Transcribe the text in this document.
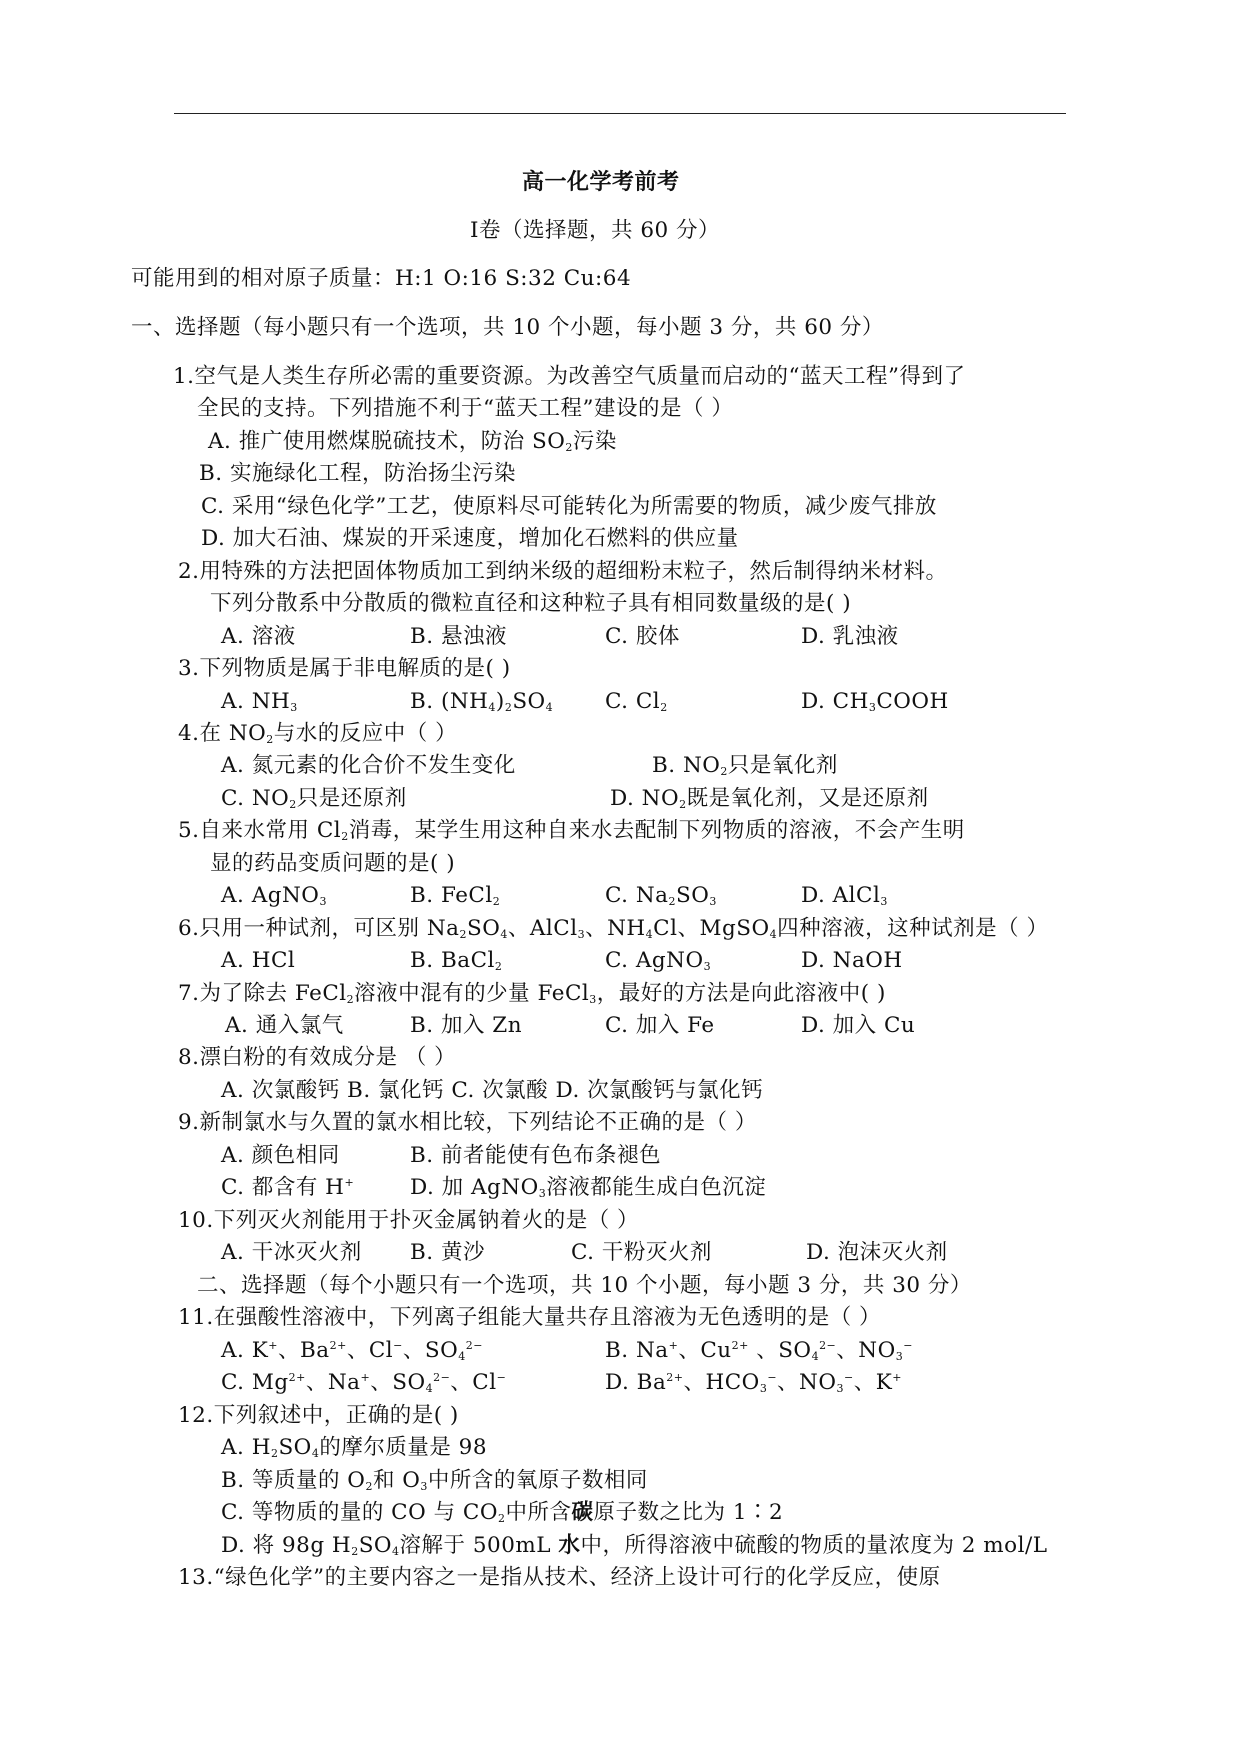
高一化学考前考
Ⅰ卷（选择题，共 60 分）
可能用到的相对原子质量：H:1 O:16 S:32 Cu:64
一、选择题（每小题只有一个选项，共 10 个小题，每小题 3 分，共 60 分）
1.空气是人类生存所必需的重要资源。为改善空气质量而启动的“蓝天工程”得到了
全民的支持。下列措施不利于“蓝天工程”建设的是（ ）
A. 推广使用燃煤脱硫技术，防治 $SO_2$污染
B. 实施绿化工程，防治扬尘污染
C. 采用“绿色化学”工艺，使原料尽可能转化为所需要的物质，减少废气排放
D. 加大石油、煤炭的开采速度，增加化石燃料的供应量
2.用特殊的方法把固体物质加工到纳米级的超细粉末粒子，然后制得纳米材料。
下列分散系中分散质的微粒直径和这种粒子具有相同数量级的是( )
A. 溶液	B. 悬浊液	C. 胶体	D. 乳浊液
3.下列物质是属于非电解质的是( )
A. $NH_3$	B. $(NH_4)_2SO_4$ C. $Cl_2$	D. $CH_3COOH$
4.在 $NO_2$与水的反应中（ ）
A. 氮元素的化合价不发生变化	B. $NO_2$只是氧化剂
C. $NO_2$只是还原剂	D. $NO_2$既是氧化剂，又是还原剂
5.自来水常用 $Cl_2$消毒，某学生用这种自来水去配制下列物质的溶液，不会产生明
显的药品变质问题的是( )
A. AgNO$_3$	B. FeCl$_2$	C. $Na_2SO_3$	D. AlCl$_3$
6.只用一种试剂，可区别 $Na_2SO_4$、AlCl$_3$、$NH_4Cl$、MgSO$_4$四种溶液，这种试剂是（ ）
A. HCl	B. BaCl$_2$	C. AgNO$_3$	D. NaOH
7.为了除去 FeCl$_2$溶液中混有的少量 FeCl$_3$，最好的方法是向此溶液中( )
A. 通入氯气	B. 加入 Zn	C. 加入 Fe	D. 加入 Cu
8.漂白粉的有效成分是 （ ）
A. 次氯酸钙 B. 氯化钙 C. 次氯酸 D. 次氯酸钙与氯化钙
9.新制氯水与久置的氯水相比较，下列结论不正确的是（ ）
A. 颜色相同	B. 前者能使有色布条褪色
C. 都含有 H+	D. 加 AgNO$_3$溶液都能生成白色沉淀
10.下列灭火剂能用于扑灭金属钠着火的是（ ）
A. 干冰灭火剂 B. 黄沙	C. 干粉灭火剂	D. 泡沫灭火剂
二、选择题（每个小题只有一个选项，共 10 个小题，每小题 3 分，共 30 分）
11.在强酸性溶液中，下列离子组能大量共存且溶液为无色透明的是（ ）
A. K+、$Ba^{2+}$、Cl−、$SO_4^{2-}$	B. Na+、$Cu^{2+}$ 、$SO_4^{2-}$、$NO_3^-$
C. $Mg^{2+}$、Na+、$SO_4^{2-}$、Cl−	D. $Ba^{2+}$、$HCO_3^-$、$NO_3^-$、K+
12.下列叙述中，正确的是( )
A. $H_2SO_4$的摩尔质量是 98
B. 等质量的 $O_2$和 $O_3$中所含的氧原子数相同
C. 等物质的量的 CO 与 $CO_2$中所含碳原子数之比为 1∶2
D. 将 98g $H_2SO_4$溶解于 500mL 水中，所得溶液中硫酸的物质的量浓度为 2 mol/L
13.“绿色化学”的主要内容之一是指从技术、经济上设计可行的化学反应，使原
